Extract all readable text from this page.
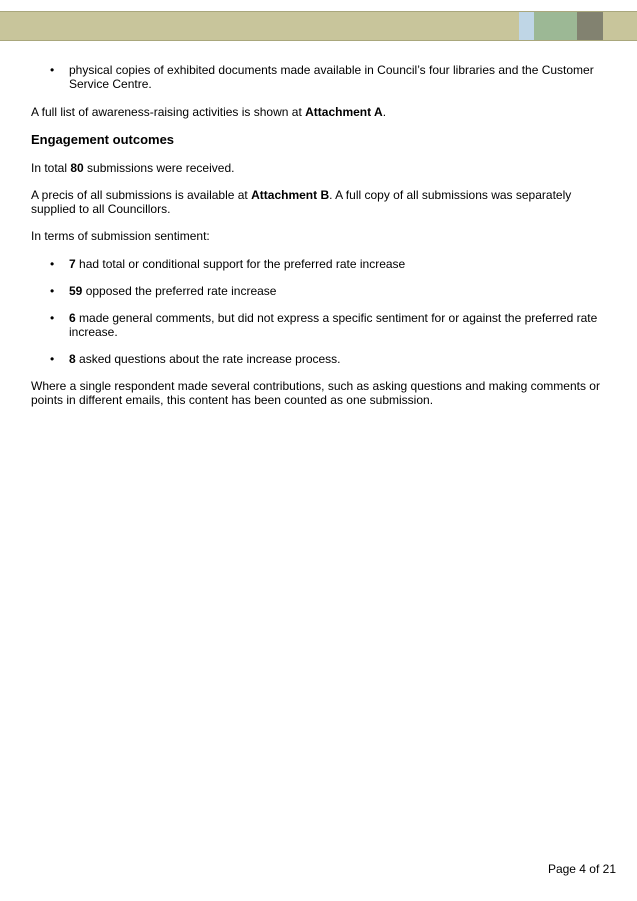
• physical copies of exhibited documents made available in Council’s four libraries and the Customer Service Centre.

A full list of awareness-raising activities is shown at Attachment A.

Engagement outcomes

In total 80 submissions were received.

A precis of all submissions is available at Attachment B. A full copy of all submissions was separately supplied to all Councillors.

In terms of submission sentiment:

• 7 had total or conditional support for the preferred rate increase
• 59 opposed the preferred rate increase
• 6 made general comments, but did not express a specific sentiment for or against the preferred rate increase.
• 8 asked questions about the rate increase process.

Where a single respondent made several contributions, such as asking questions and making comments or points in different emails, this content has been counted as one submission.

Page 4 of 21
